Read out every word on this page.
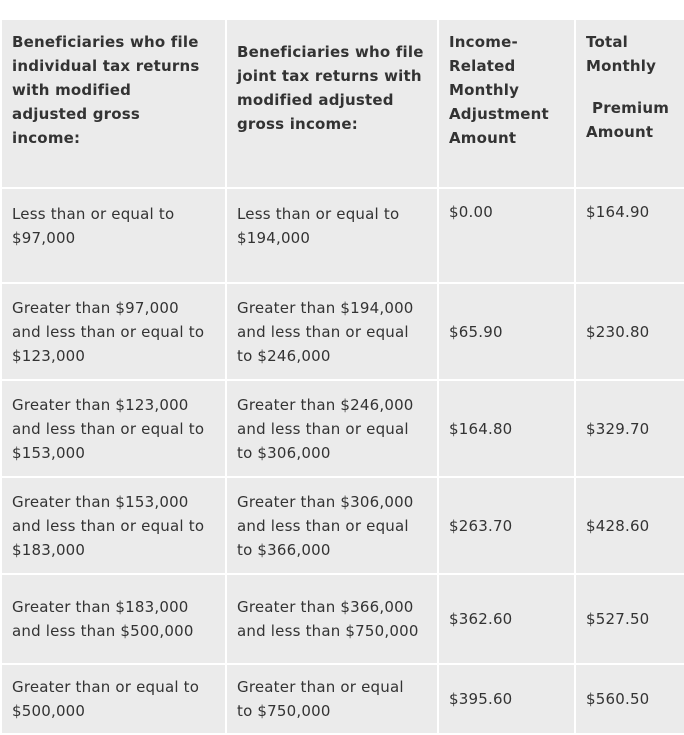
Beneficiaries who file
individual tax returns
with modified
adjusted gross
income:	Beneficiaries who file
joint tax returns with
modified adjusted
gross income:	Income-
Related
Monthly
Adjustment
Amount	Total
Monthly
Premium
Amount

Less than or equal to
$97,000	Less than or equal to
$194,000	$0.00	$164.90

Greater than $97,000
and less than or equal to
$123,000	Greater than $194,000
and less than or equal
to $246,000	$65.90	$230.80

Greater than $123,000
and less than or equal to
$153,000	Greater than $246,000
and less than or equal
to $306,000	$164.80	$329.70

Greater than $153,000
and less than or equal to
$183,000	Greater than $306,000
and less than or equal
to $366,000	$263.70	$428.60

Greater than $183,000
and less than $500,000	Greater than $366,000
and less than $750,000	$362.60	$527.50

Greater than or equal to
$500,000	Greater than or equal
to $750,000	$395.60	$560.50
